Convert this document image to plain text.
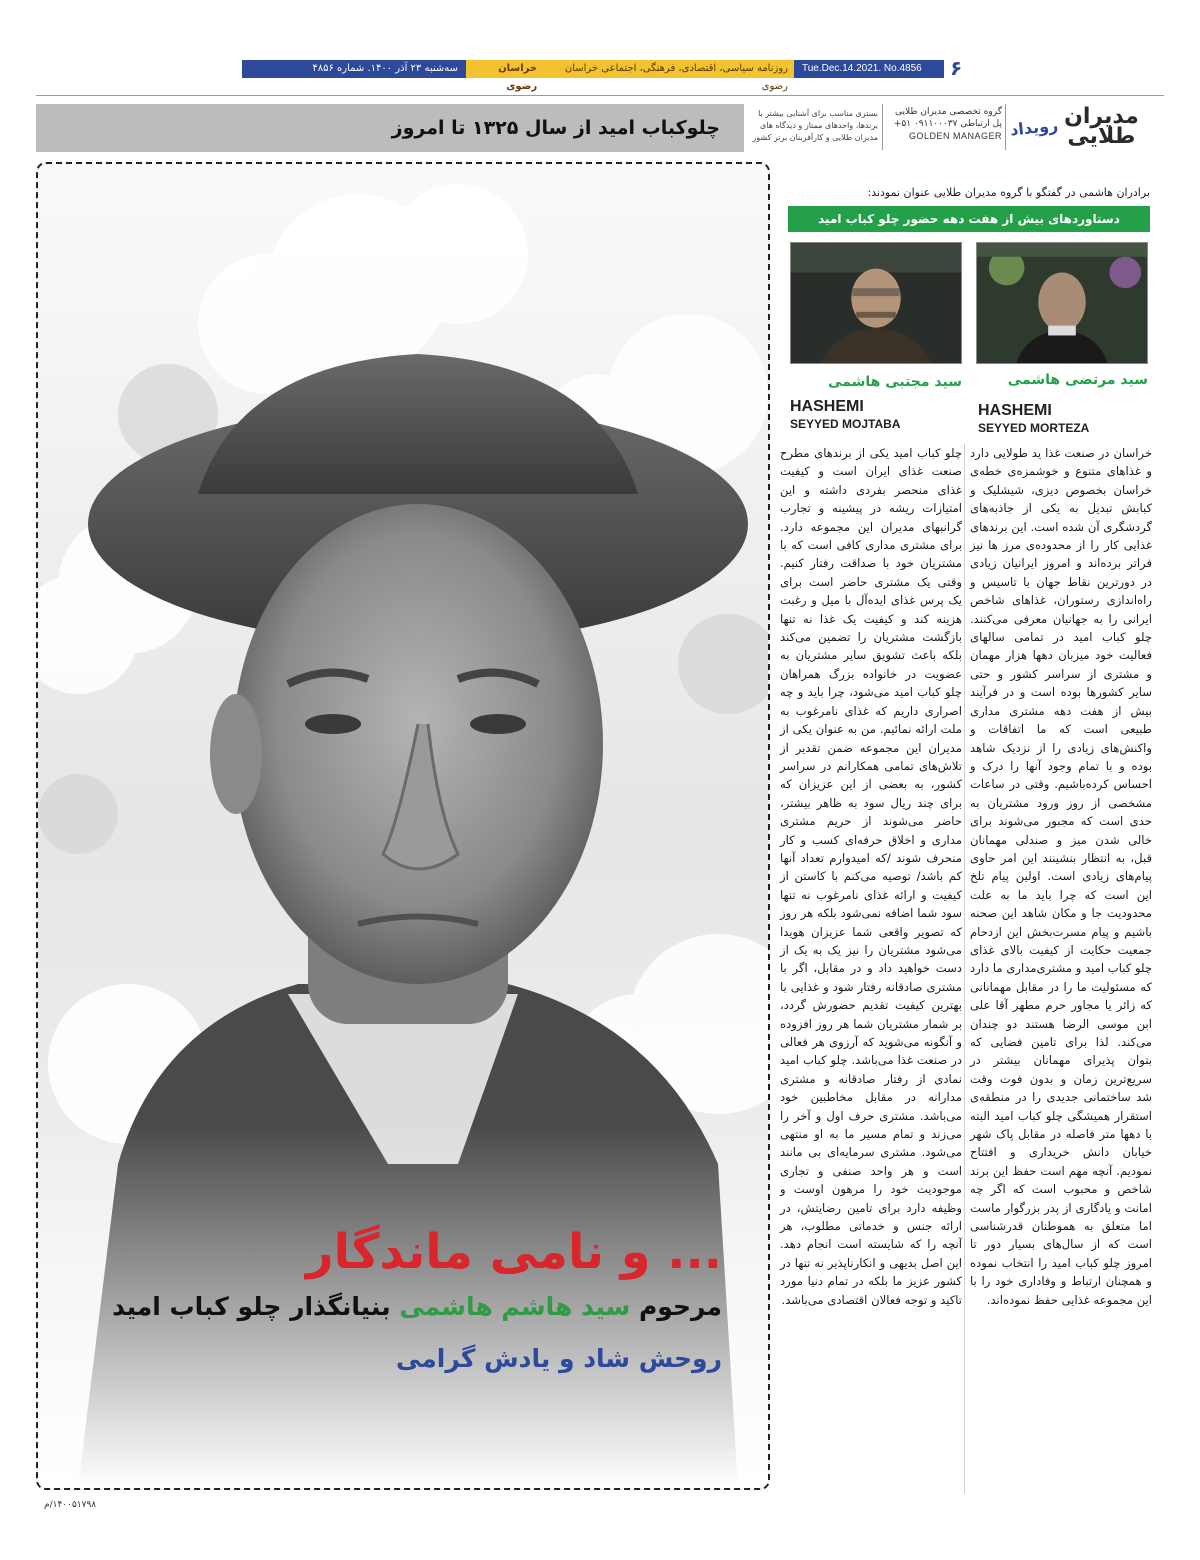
۶
سه‌شنبه ۲۳ آذر ۱۴۰۰. شماره ۴۸۵۶	روزنامه سیاسی، اقتصادی، فرهنگی، اجتماعی خراسان رضوی
خراسان رضوی
Tue.Dec.14.2021. No.4856
چلوکباب امید از سال ۱۳۲۵ تا امروز
بستری مناسب برای آشنایی بیشتر با برندها، واحدهای ممتاز و دیدگاه های مدیران طلایی و کارآفرینان برتر کشور
گروه تخصصی مدیران طلایی
پل ارتباطی ۰۹۱۱۰۰۰۳۷ ۵۱+
GOLDEN MANAGER
مدیران
طلایی
رویداد
... و نامی ماندگار
مرحوم سید هاشم هاشمی بنیانگذار چلو کباب امید
روحش شاد و یادش گرامی
برادران هاشمی در گفتگو با گروه مدیران طلایی عنوان نمودند:
دستاوردهای بیش از هفت دهه حضور چلو کباب امید
سید مرتضی هاشمی
سید مجتبی هاشمی
HASHEMI
SEYYED MORTEZA
HASHEMI
SEYYED MOJTABA
خراسان در صنعت غذا ید طولایی دارد و غذاهای متنوع و خوشمزه‌ی خطه‌ی خراسان بخصوص دیزی، شیشلیک و کبابش تبدیل به یکی از جاذبه‌های گردشگری آن شده است. این برندهای غذایی کار را از محدوده‌ی مرز ها نیز فراتر برده‌اند و امروز ایرانیان زیادی در دورترین نقاط جهان با تاسیس و راه‌اندازی رستوران، غذاهای شاخص ایرانی را به جهانیان معرفی می‌کنند. چلو کباب امید در تمامی سالهای فعالیت خود میزبان دهها هزار مهمان و مشتری از سراسر کشور و حتی سایر کشورها بوده است و در فرآیند بیش از هفت دهه مشتری مداری طبیعی است که ما اتفاقات و واکنش‌های زیادی را از نزدیک شاهد بوده و با تمام وجود آنها را درک و احساس کرده‌باشیم. وقتی در ساعات مشخصی از روز ورود مشتریان به حدی است که مجبور می‌شوند برای خالی شدن میز و صندلی مهمانان قبل، به انتظار بنشینند این امر حاوی پیام‌های زیادی است. اولین پیام تلخ این است که چرا باید ما به علت محدودیت جا و مکان شاهد این صحنه باشیم و پیام مسرت‌بخش این ازدحام جمعیت حکایت از کیفیت بالای غذای چلو کباب امید و مشتری‌مداری ما دارد که مسئولیت ما را در مقابل مهمانانی که زائر یا مجاور حرم مطهر آقا علی ابن موسی الرضا هستند دو چندان می‌کند. لذا برای تامین فضایی که بتوان پذیرای مهمانان بیشتر در سریع‌ترین زمان و بدون فوت وقت شد ساختمانی جدیدی را در منطقه‌ی استقرار همیشگی چلو کباب امید البته با دهها متر فاصله در مقابل پاک شهر خیابان دانش خریداری و افتتاح نمودیم. آنچه مهم است حفظ این برند شاخص و محبوب است که اگر چه امانت و یادگاری از پدر بزرگوار ماست اما متعلق به هموطنان قدرشناسی است که از سال‌های بسیار دور تا امروز چلو کباب امید را انتخاب نموده و همچنان ارتباط و وفاداری خود را با این مجموعه غذایی حفظ نموده‌اند.
چلو کباب امید یکی از برندهای مطرح صنعت غذای ایران است و کیفیت غذای منحصر بفردی داشته و این امتیازات ریشه در پیشینه و تجارب گرانبهای مدیران این مجموعه دارد. برای مشتری مداری کافی است که با مشتریان خود با صداقت رفتار کنیم. وقتی یک مشتری حاضر است برای یک پرس غذای ایده‌آل با میل و رغبت هزینه کند و کیفیت یک غذا نه تنها بازگشت مشتریان را تضمین می‌کند بلکه باعث تشویق سایر مشتریان به عضویت در خانواده بزرگ همراهان چلو کباب امید می‌شود، چرا باید و چه اصراری داریم که غذای نامرغوب به ملت ارائه نمائیم. من به عنوان یکی از مدیران این مجموعه ضمن تقدیر از تلاش‌های تمامی همکارانم در سراسر کشور، به بعضی از این عزیزان که برای چند ریال سود به ظاهر بیشتر، حاضر می‌شوند از حریم مشتری مداری و اخلاق حرفه‌ای کسب و کار منحرف شوند /که امیدوارم تعداد آنها کم باشد/ توصیه می‌کنم با کاستن از کیفیت و ارائه غذای نامرغوب نه تنها سود شما اضافه نمی‌شود بلکه هر روز که تصویر واقعی شما عزیزان هویدا می‌شود مشتریان را نیز یک به یک از دست خواهید داد و در مقابل، اگر با مشتری صادقانه رفتار شود و غذایی با بهترین کیفیت تقدیم حضورش گردد، بر شمار مشتریان شما هر روز افزوده و آنگونه می‌شوید که آرزوی هر فعالی در صنعت غذا می‌باشد. چلو کباب امید نمادی از رفتار صادقانه و مشتری مدارانه در مقابل مخاطبین خود می‌باشد. مشتری حرف اول و آخر را می‌زند و تمام مسیر ما به او منتهی می‌شود. مشتری سرمایه‌ای بی مانند است و هر واحد صنفی و تجاری موجودیت خود را مرهون اوست و وظیفه دارد برای تامین رضایتش، در ارائه جنس و خدماتی مطلوب، هر آنچه را که شایسته است انجام دهد. این اصل بدیهی و انکارناپذیر نه تنها در کشور عزیز ما بلکه در تمام دنیا مورد تاکید و توجه فعالان اقتصادی می‌باشد.
۱۴۰۰۵۱۷۹۸/م
